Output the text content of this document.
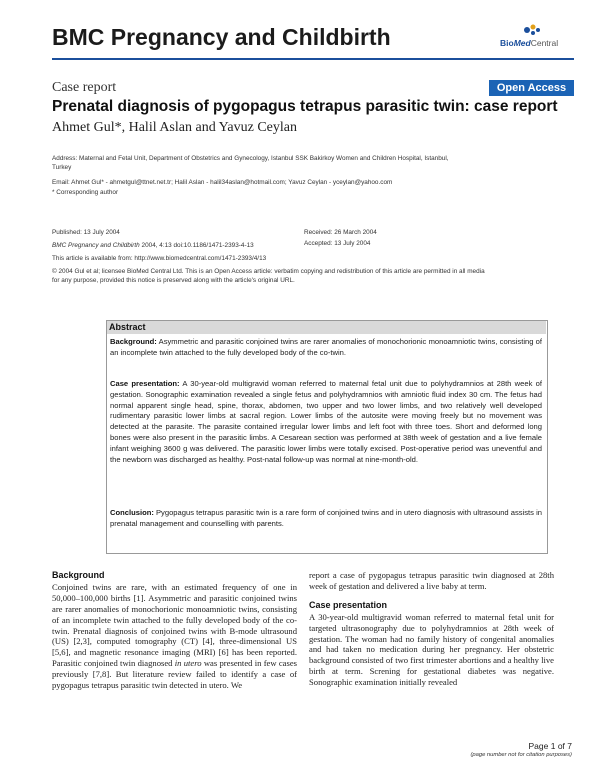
BMC Pregnancy and Childbirth	BioMedCentral
Case report	Open Access
Prenatal diagnosis of pygopagus tetrapus parasitic twin: case report
Ahmet Gul*, Halil Aslan and Yavuz Ceylan
Address: Maternal and Fetal Unit, Department of Obstetrics and Gynecology, Istanbul SSK Bakirkoy Women and Children Hospital, Istanbul,
Turkey
Email: Ahmet Gul* - ahmetgul@ttnet.net.tr; Halil Aslan - halil34aslan@hotmail.com; Yavuz Ceylan - yceylan@yahoo.com
* Corresponding author
Published: 13 July 2004
BMC Pregnancy and Childbirth 2004, 4:13 doi:10.1186/1471-2393-4-13
This article is available from: http://www.biomedcentral.com/1471-2393/4/13
Received: 26 March 2004
Accepted: 13 July 2004
© 2004 Gul et al; licensee BioMed Central Ltd. This is an Open Access article: verbatim copying and redistribution of this article are permitted in all media
for any purpose, provided this notice is preserved along with the article's original URL.
Abstract
Background: Asymmetric and parasitic conjoined twins are rarer anomalies of monochorionic monoamniotic twins, consisting of an incomplete twin attached to the fully developed body of the co-twin.
Case presentation: A 30-year-old multigravid woman referred to maternal fetal unit due to polyhydramnios at 28th week of gestation. Sonographic examination revealed a single fetus and polyhydramnios with amniotic fluid index 30 cm. The fetus had normal apparent single head, spine, thorax, abdomen, two upper and two lower limbs, and two relatively well developed rudimentary parasitic lower limbs at sacral region. Lower limbs of the autosite were moving freely but no movement was detected at the parasite. The parasite contained irregular lower limbs and left foot with three toes. Short and deformed long bones were also present in the parasitic limbs. A Cesarean section was performed at 38th week of gestation and a live female infant weighing 3600 g was delivered. The parasitic lower limbs were totally excised. Post-operative period was uneventful and the newborn was discharged as healthy. Post-natal follow-up was normal at nine-month-old.
Conclusion: Pygopagus tetrapus parasitic twin is a rare form of conjoined twins and in utero diagnosis with ultrasound assists in prenatal management and counselling with parents.
Background
Conjoined twins are rare, with an estimated frequency of one in 50,000–100,000 births [1]. Asymmetric and parasitic conjoined twins are rarer anomalies of monochorionic monoamniotic twins, consisting of an incomplete twin attached to the fully developed body of the co-twin. Prenatal diagnosis of conjoined twins with B-mode ultrasound (US) [2,3], computed tomography (CT) [4], three-dimensional US [5,6], and magnetic resonance imaging (MRI) [6] has been reported. Parasitic conjoined twin diagnosed in utero was presented in few cases previously [7,8]. But literature review failed to identify a case of pygopagus tetrapus parasitic twin detected in utero. We
report a case of pygopagus tetrapus parasitic twin diagnosed at 28th week of gestation and delivered a live baby at term.
Case presentation
A 30-year-old multigravid woman referred to maternal fetal unit for targeted ultrasonography due to polyhydramnios at 28th week of gestation. The woman had no family history of congenital anomalies and had taken no medication during her pregnancy. Her obstetric background consisted of two first trimester abortions and a healthy live birth at term. Screning for gestational diabetes was negative. Sonographic examination initially revealed
Page 1 of 7
(page number not for citation purposes)
